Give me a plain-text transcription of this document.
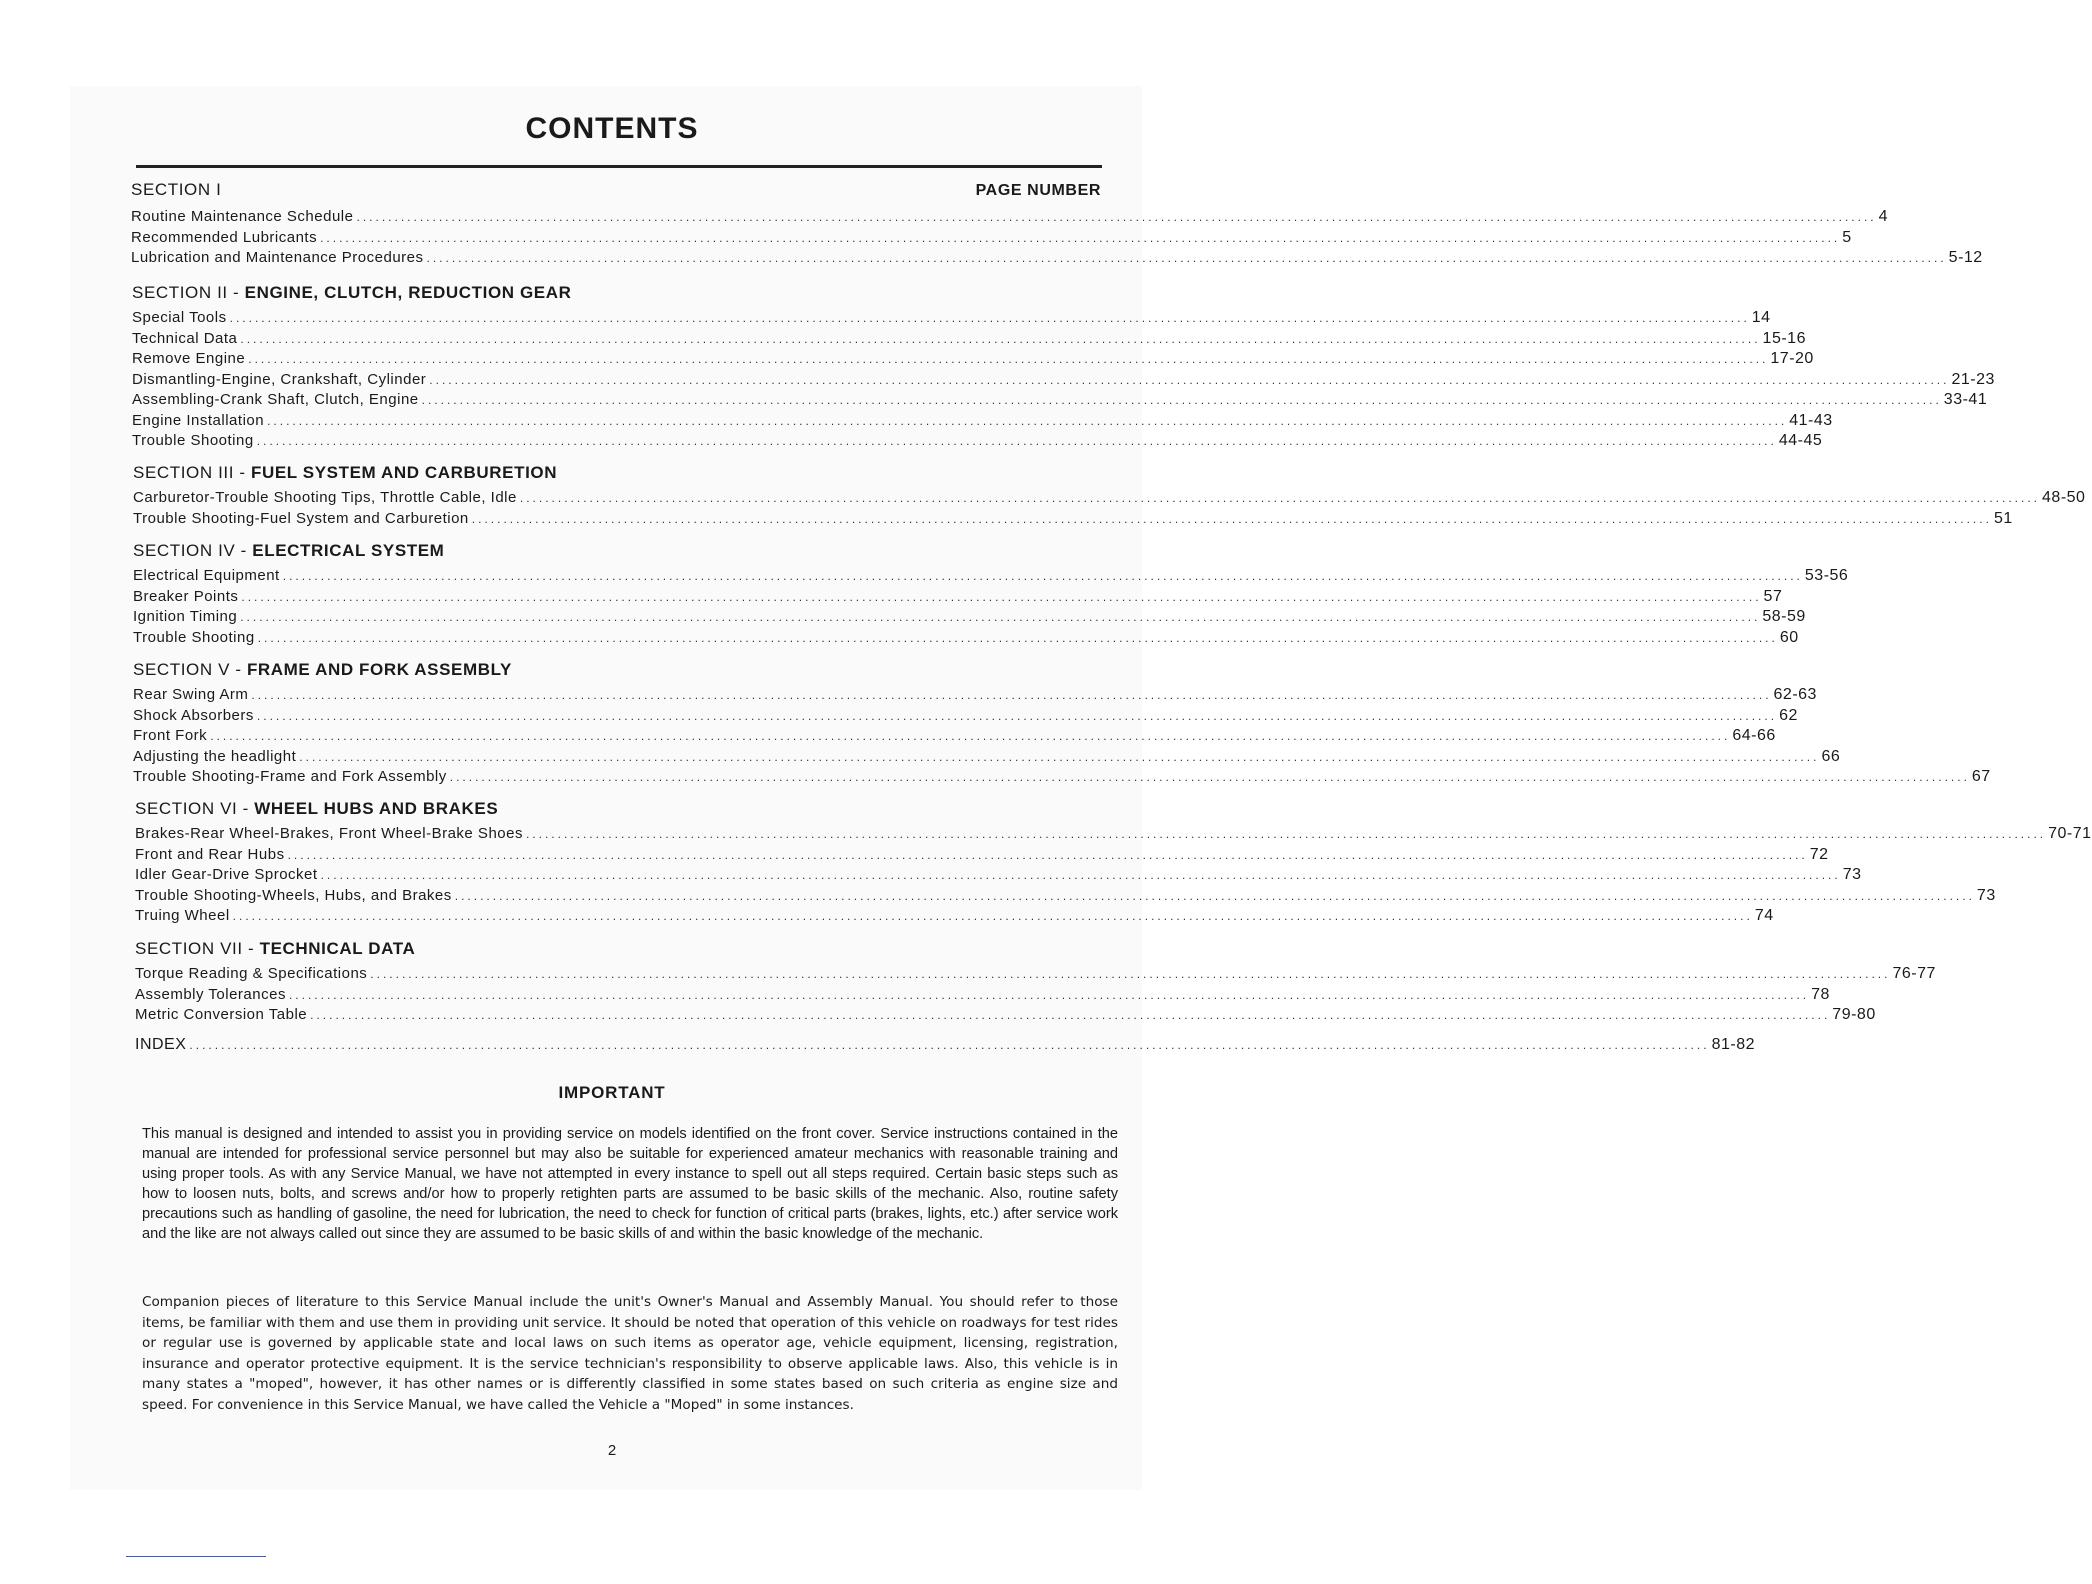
CONTENTS
SECTION I	PAGE NUMBER
Routine Maintenance Schedule ................................................................................................................................................................................................................................................ 4
Recommended Lubricants ................................................................................................................................................................................................................................................ 5
Lubrication and Maintenance Procedures ................................................................................................................................................................................................................................................ 5-12
SECTION II - ENGINE, CLUTCH, REDUCTION GEAR
Special Tools ................................................................................................................................................................................................................................................ 14
Technical Data ................................................................................................................................................................................................................................................ 15-16
Remove Engine ................................................................................................................................................................................................................................................ 17-20
Dismantling-Engine, Crankshaft, Cylinder ................................................................................................................................................................................................................................................ 21-23
Assembling-Crank Shaft, Clutch, Engine ................................................................................................................................................................................................................................................ 33-41
Engine Installation ................................................................................................................................................................................................................................................ 41-43
Trouble Shooting ................................................................................................................................................................................................................................................ 44-45
SECTION III - FUEL SYSTEM AND CARBURETION
Carburetor-Trouble Shooting Tips, Throttle Cable, Idle ................................................................................................................................................................................................................................................ 48-50
Trouble Shooting-Fuel System and Carburetion ................................................................................................................................................................................................................................................ 51
SECTION IV - ELECTRICAL SYSTEM
Electrical Equipment ................................................................................................................................................................................................................................................ 53-56
Breaker Points ................................................................................................................................................................................................................................................ 57
Ignition Timing ................................................................................................................................................................................................................................................ 58-59
Trouble Shooting ................................................................................................................................................................................................................................................ 60
SECTION V - FRAME AND FORK ASSEMBLY
Rear Swing Arm ................................................................................................................................................................................................................................................ 62-63
Shock Absorbers ................................................................................................................................................................................................................................................ 62
Front Fork ................................................................................................................................................................................................................................................ 64-66
Adjusting the headlight ................................................................................................................................................................................................................................................ 66
Trouble Shooting-Frame and Fork Assembly ................................................................................................................................................................................................................................................ 67
SECTION VI - WHEEL HUBS AND BRAKES
Brakes-Rear Wheel-Brakes, Front Wheel-Brake Shoes ................................................................................................................................................................................................................................................ 70-71
Front and Rear Hubs ................................................................................................................................................................................................................................................ 72
Idler Gear-Drive Sprocket ................................................................................................................................................................................................................................................ 73
Trouble Shooting-Wheels, Hubs, and Brakes ................................................................................................................................................................................................................................................ 73
Truing Wheel ................................................................................................................................................................................................................................................ 74
SECTION VII - TECHNICAL DATA
Torque Reading & Specifications ................................................................................................................................................................................................................................................ 76-77
Assembly Tolerances ................................................................................................................................................................................................................................................ 78
Metric Conversion Table ................................................................................................................................................................................................................................................ 79-80
INDEX ................................................................................................................................................................................................................................................ 81-82
IMPORTANT

This manual is designed and intended to assist you in providing service on models identified on the front cover. Service instructions contained in the manual are intended for professional service personnel but may also be suitable for experienced amateur mechanics with reasonable training and using proper tools. As with any Service Manual, we have not attempted in every instance to spell out all steps required. Certain basic steps such as how to loosen nuts, bolts, and screws and/or how to properly retighten parts are assumed to be basic skills of the mechanic. Also, routine safety precautions such as handling of gasoline, the need for lubrication, the need to check for function of critical parts (brakes, lights, etc.) after service work and the like are not always called out since they are assumed to be basic skills of and within the basic knowledge of the mechanic.

Companion pieces of literature to this Service Manual include the unit's Owner's Manual and Assembly Manual. You should refer to those items, be familiar with them and use them in providing unit service. It should be noted that operation of this vehicle on roadways for test rides or regular use is governed by applicable state and local laws on such items as operator age, vehicle equipment, licensing, registration, insurance and operator protective equipment. It is the service technician's responsibility to observe applicable laws. Also, this vehicle is in many states a "moped", however, it has other names or is differently classified in some states based on such criteria as engine size and speed. For convenience in this Service Manual, we have called the Vehicle a "Moped" in some instances.

2
